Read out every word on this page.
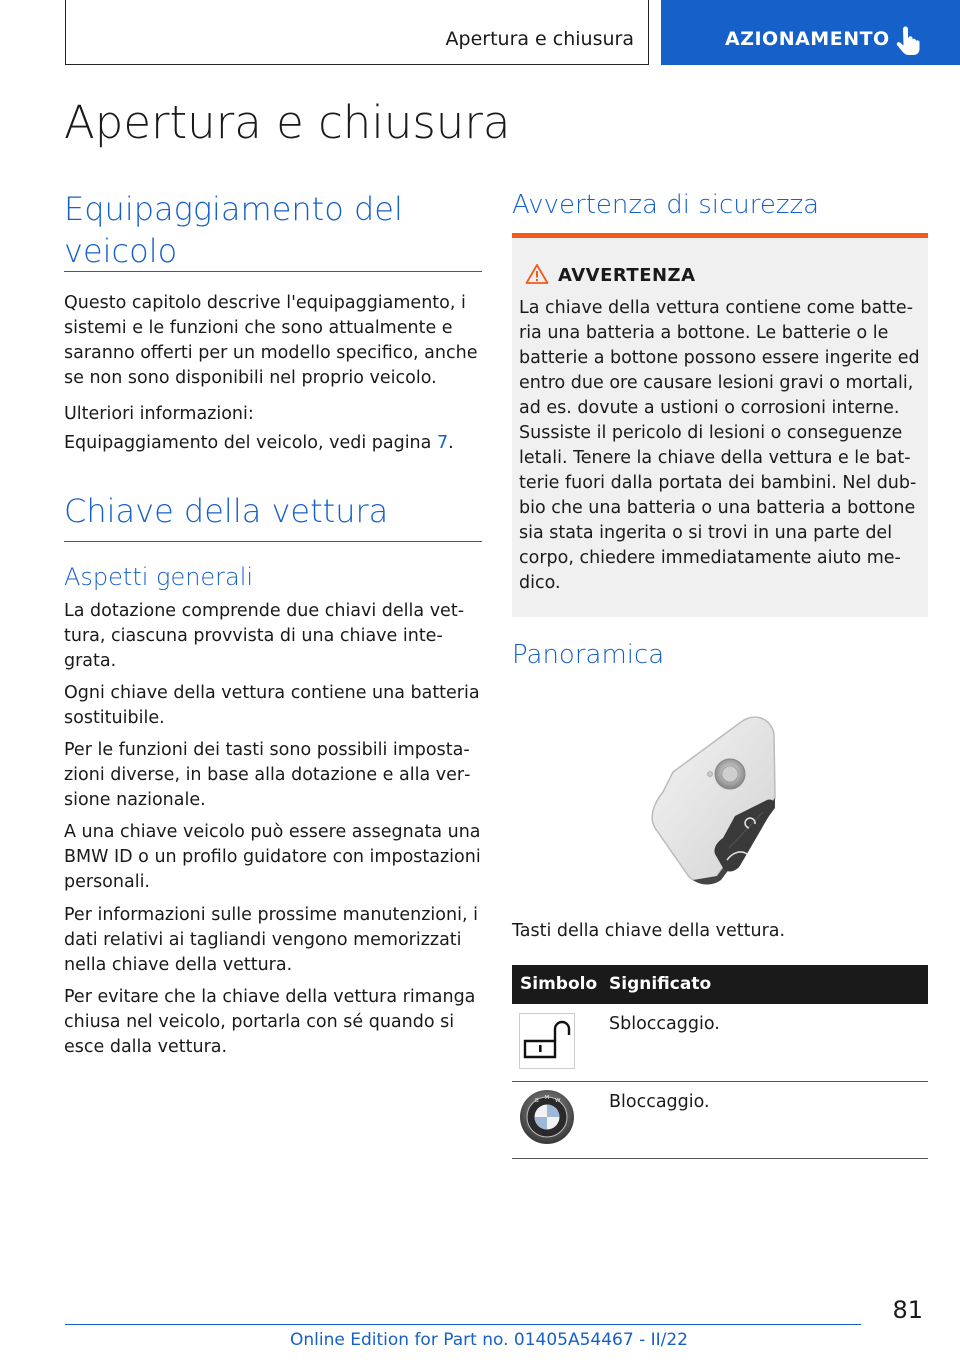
Apertura e chiusura	AZIONAMENTO
Apertura e chiusura
Equipaggiamento del veicolo
Questo capitolo descrive l'equipaggiamento, i sistemi e le funzioni che sono attualmente e saranno offerti per un modello specifico, anche se non sono disponibili nel proprio veicolo.
Ulteriori informazioni:
Equipaggiamento del veicolo, vedi pagina 7.
Chiave della vettura
Aspetti generali
La dotazione comprende due chiavi della vettura, ciascuna provvista di una chiave integrata.
Ogni chiave della vettura contiene una batteria sostituibile.
Per le funzioni dei tasti sono possibili impostazioni diverse, in base alla dotazione e alla versione nazionale.
A una chiave veicolo può essere assegnata una BMW ID o un profilo guidatore con impostazioni personali.
Per informazioni sulle prossime manutenzioni, i dati relativi ai tagliandi vengono memorizzati nella chiave della vettura.
Per evitare che la chiave della vettura rimanga chiusa nel veicolo, portarla con sé quando si esce dalla vettura.
Avvertenza di sicurezza
AVVERTENZA
La chiave della vettura contiene come batteria una batteria a bottone. Le batterie o le batterie a bottone possono essere ingerite ed entro due ore causare lesioni gravi o mortali, ad es. dovute a ustioni o corrosioni interne. Sussiste il pericolo di lesioni o conseguenze letali. Tenere la chiave della vettura e le batterie fuori dalla portata dei bambini. Nel dubbio che una batteria o una batteria a bottone sia stata ingerita o si trovi in una parte del corpo, chiedere immediatamente aiuto medico.
Panoramica
Tasti della chiave della vettura.
Simbolo Significato
Sbloccaggio.
B M W	Bloccaggio.
81
Online Edition for Part no. 01405A54467 - II/22
